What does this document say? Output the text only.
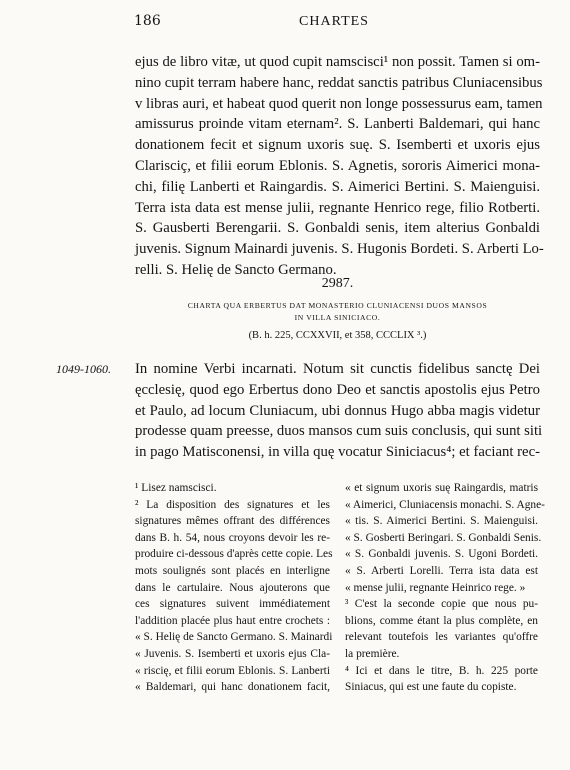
186	CHARTES
ejus de libro vitæ, ut quod cupit namscisci¹ non possit. Tamen si om-
nino cupit terram habere hanc, reddat sanctis patribus Cluniacensibus
v libras auri, et habeat quod querit non longe possessurus eam, tamen
amissurus proinde vitam eternam². S. Lanberti Baldemari, qui hanc
donationem fecit et signum uxoris suę. S. Isemberti et uxoris ejus
Clarisciç, et filii eorum Eblonis. S. Agnetis, sororis Aimerici mona-
chi, filię Lanberti et Raingardis. S. Aimerici Bertini. S. Maienguisi.
Terra ista data est mense julii, regnante Henrico rege, filio Rotberti.
S. Gausberti Berengarii. S. Gonbaldi senis, item alterius Gonbaldi
juvenis. Signum Mainardi juvenis. S. Hugonis Bordeti. S. Arberti Lo-
relli. S. Helię de Sancto Germano.
2987.
CHARTA QUA ERBERTUS DAT MONASTERIO CLUNIACENSI DUOS MANSOS
IN VILLA SINICIACO.
(B. h. 225, CCXXVII, et 358, CCCLIX ³.)
1049-1060. In nomine Verbi incarnati. Notum sit cunctis fidelibus sanctę Dei
ęcclesię, quod ego Erbertus dono Deo et sanctis apostolis ejus Petro
et Paulo, ad locum Cluniacum, ubi donnus Hugo abba magis videtur
prodesse quam preesse, duos mansos cum suis conclusis, qui sunt siti
in pago Matisconensi, in villa quę vocatur Siniciacus⁴; et faciant rec-
¹ Lisez namscisci.
² La disposition des signatures et les
signatures mêmes offrant des différences
dans B. h. 54, nous croyons devoir les re-
produire ci-dessous d'après cette copie. Les
mots soulignés sont placés en interligne
dans le cartulaire. Nous ajouterons que
ces signatures suivent immédiatement
l'addition placée plus haut entre crochets :
« S. Helię de Sancto Germano. S. Mainardi
« Juvenis. S. Isemberti et uxoris ejus Cla-
« riscię, et filii eorum Eblonis. S. Lanberti
« Baldemari, qui hanc donationem facit,
« et signum uxoris suę Raingardis, matris
« Aimerici, Cluniacensis monachi. S. Agne-
« tis. S. Aimerici Bertini. S. Maienguisi.
« S. Gosberti Beringari. S. Gonbaldi Senis.
« S. Gonbaldi juvenis. S. Ugoni Bordeti.
« S. Arberti Lorelli. Terra ista data est
« mense julii, regnante Heinrico rege. »
³ C'est la seconde copie que nous pu-
blions, comme étant la plus complète, en
relevant toutefois les variantes qu'offre
la première.
⁴ Ici et dans le titre, B. h. 225 porte
Siniacus, qui est une faute du copiste.
